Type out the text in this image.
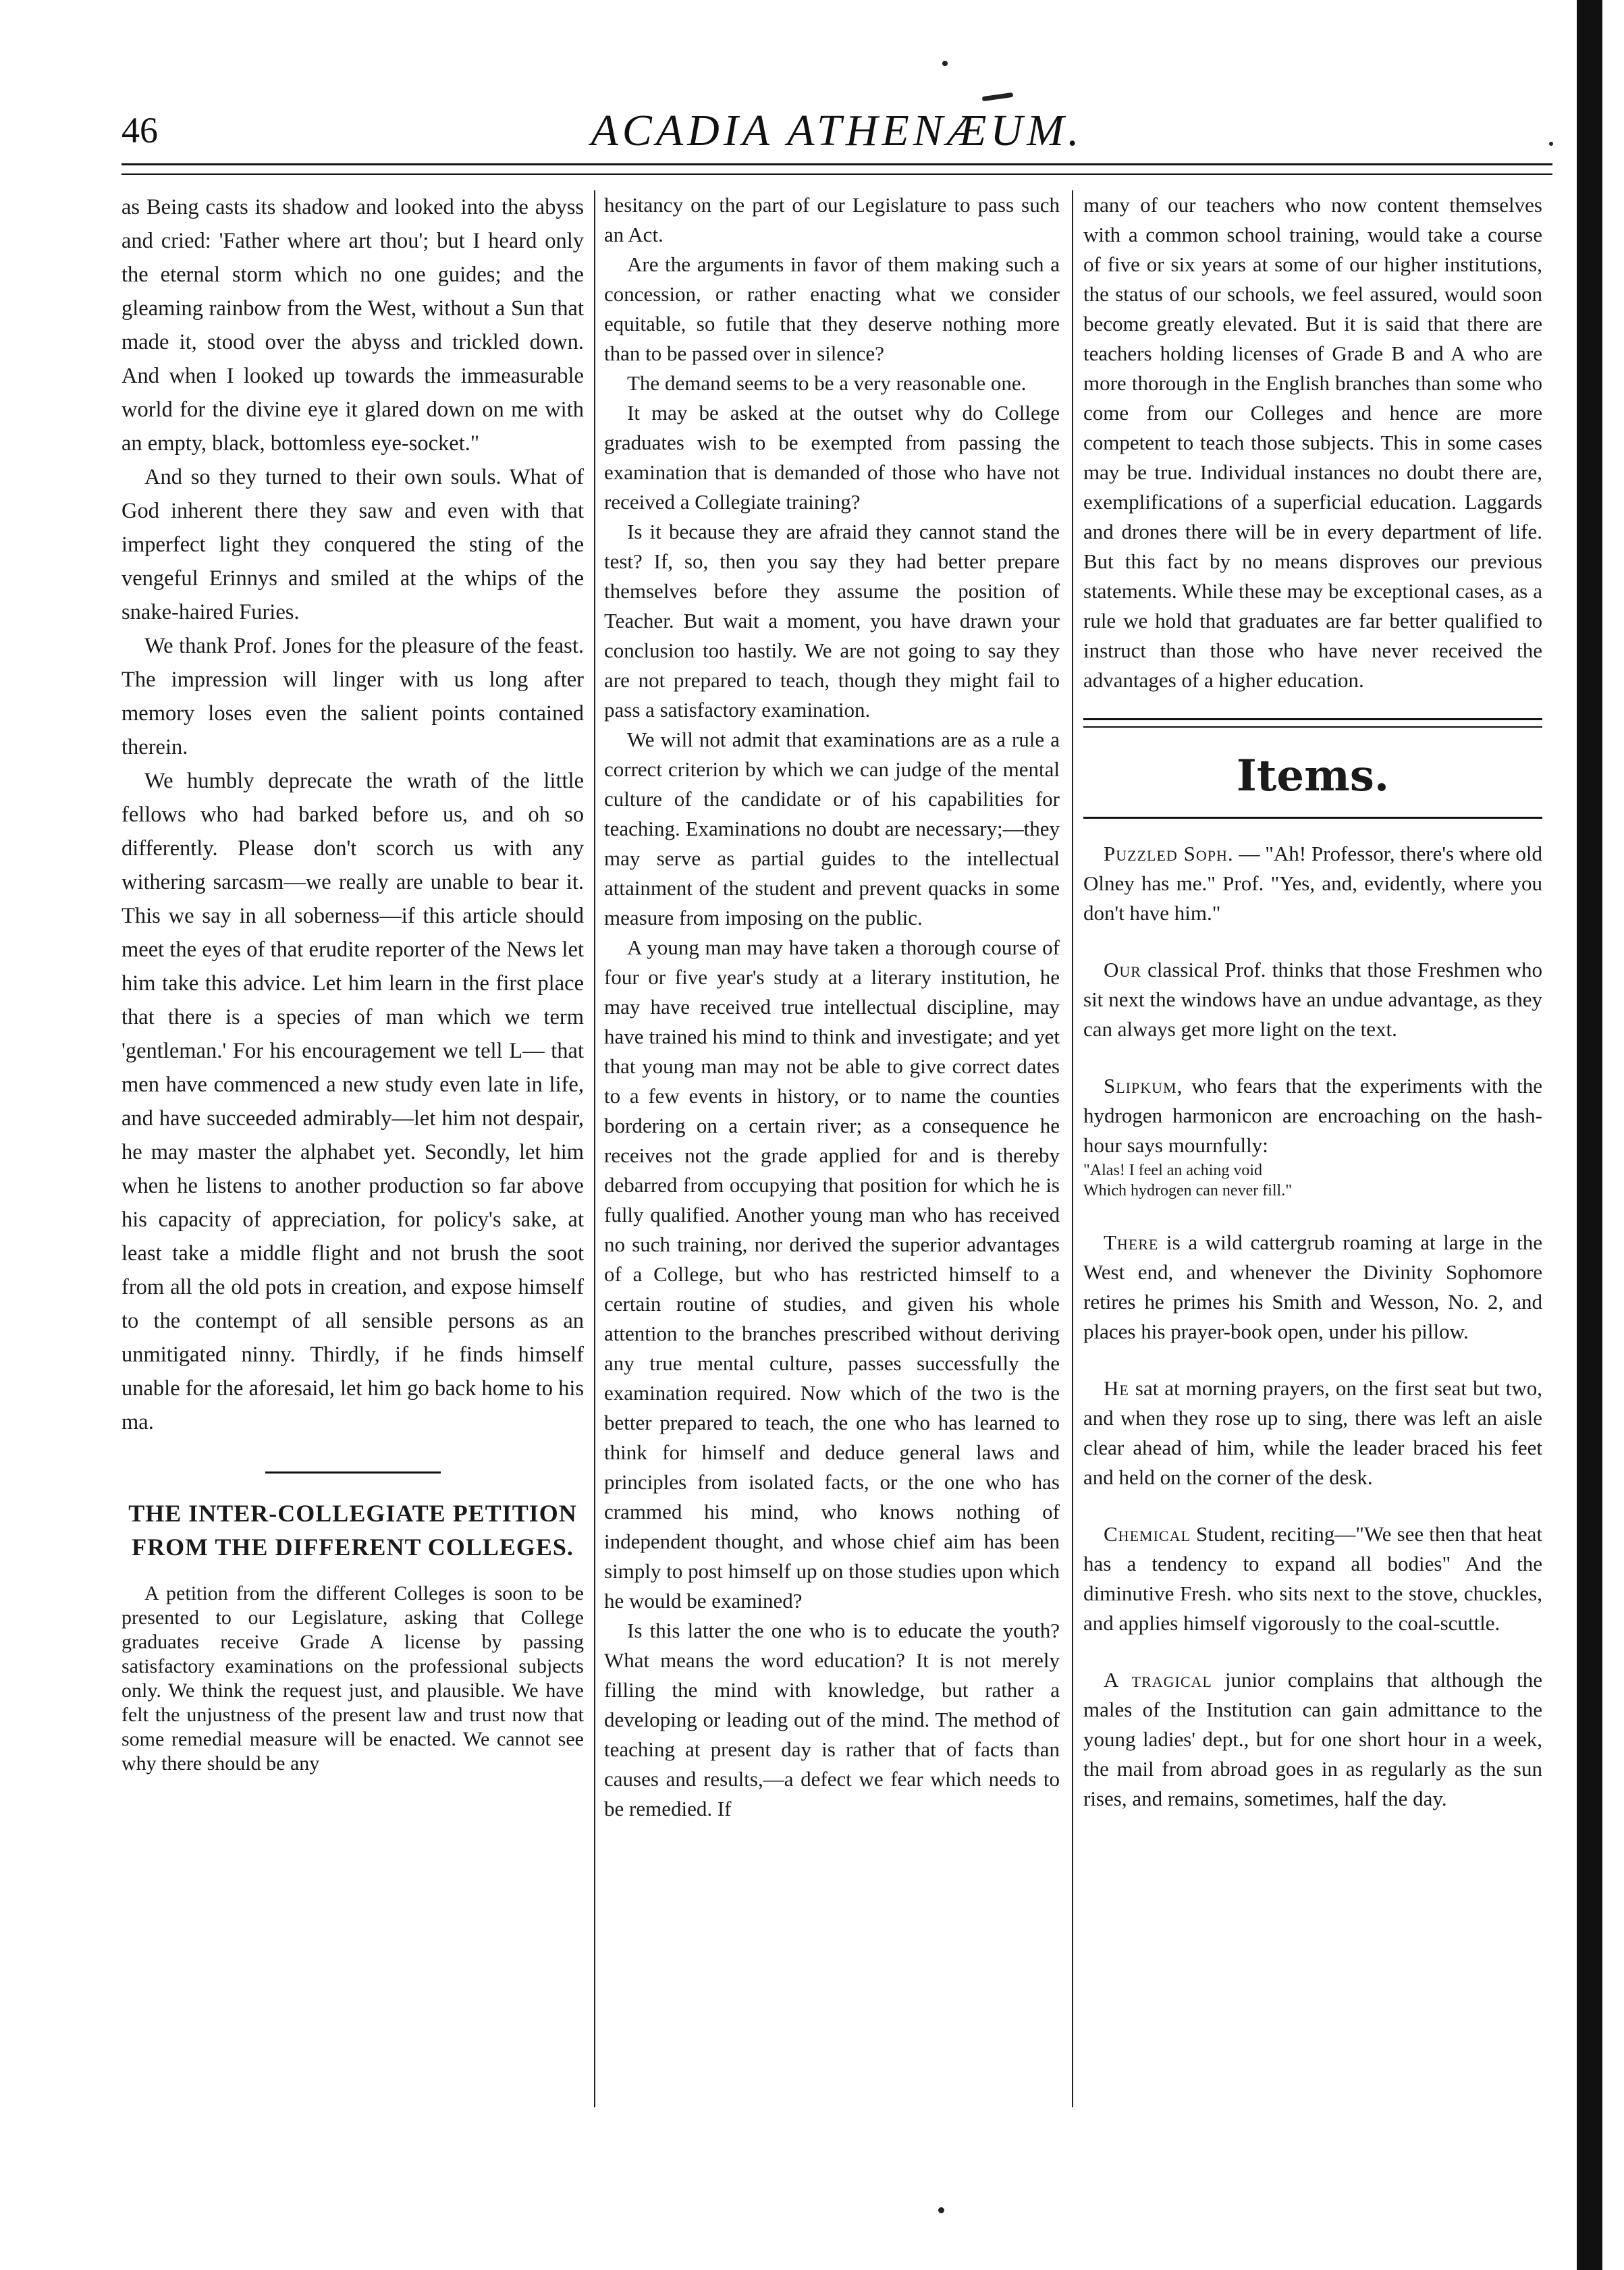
46	ACADIA ATHENÆUM.

as Being casts its shadow and looked into the abyss and cried: 'Father where art thou'; but I heard only the eternal storm which no one guides; and the gleaming rainbow from the West, without a Sun that made it, stood over the abyss and trickled down. And when I looked up towards the immeasurable world for the divine eye it glared down on me with an empty, black, bottomless eye-socket."

And so they turned to their own souls. What of God inherent there they saw and even with that imperfect light they conquered the sting of the vengeful Erinnys and smiled at the whips of the snake-haired Furies.

We thank Prof. Jones for the pleasure of the feast. The impression will linger with us long after memory loses even the salient points contained therein.

We humbly deprecate the wrath of the little fellows who had barked before us, and oh so differently. Please don't scorch us with any withering sarcasm—we really are unable to bear it. This we say in all soberness—if this article should meet the eyes of that erudite reporter of the News let him take this advice. Let him learn in the first place that there is a species of man which we term 'gentleman.' For his encouragement we tell L— that men have commenced a new study even late in life, and have succeeded admirably—let him not despair, he may master the alphabet yet. Secondly, let him when he listens to another production so far above his capacity of appreciation, for policy's sake, at least take a middle flight and not brush the soot from all the old pots in creation, and expose himself to the contempt of all sensible persons as an unmitigated ninny. Thirdly, if he finds himself unable for the aforesaid, let him go back home to his ma.

THE INTER-COLLEGIATE PETITION FROM THE DIFFERENT COLLEGES.

A petition from the different Colleges is soon to be presented to our Legislature, asking that College graduates receive Grade A license by passing satisfactory examinations on the professional subjects only. We think the request just, and plausible. We have felt the unjustness of the present law and trust now that some remedial measure will be enacted. We cannot see why there should be any

hesitancy on the part of our Legislature to pass such an Act.

Are the arguments in favor of them making such a concession, or rather enacting what we consider equitable, so futile that they deserve nothing more than to be passed over in silence?

The demand seems to be a very reasonable one.

It may be asked at the outset why do College graduates wish to be exempted from passing the examination that is demanded of those who have not received a Collegiate training?

Is it because they are afraid they cannot stand the test? If, so, then you say they had better prepare themselves before they assume the position of Teacher. But wait a moment, you have drawn your conclusion too hastily. We are not going to say they are not prepared to teach, though they might fail to pass a satisfactory examination.

We will not admit that examinations are as a rule a correct criterion by which we can judge of the mental culture of the candidate or of his capabilities for teaching. Examinations no doubt are necessary;—they may serve as partial guides to the intellectual attainment of the student and prevent quacks in some measure from imposing on the public.

A young man may have taken a thorough course of four or five year's study at a literary institution, he may have received true intellectual discipline, may have trained his mind to think and investigate; and yet that young man may not be able to give correct dates to a few events in history, or to name the counties bordering on a certain river; as a consequence he receives not the grade applied for and is thereby debarred from occupying that position for which he is fully qualified. Another young man who has received no such training, nor derived the superior advantages of a College, but who has restricted himself to a certain routine of studies, and given his whole attention to the branches prescribed without deriving any true mental culture, passes successfully the examination required. Now which of the two is the better prepared to teach, the one who has learned to think for himself and deduce general laws and principles from isolated facts, or the one who has crammed his mind, who knows nothing of independent thought, and whose chief aim has been simply to post himself up on those studies upon which he would be examined?

Is this latter the one who is to educate the youth? What means the word education? It is not merely filling the mind with knowledge, but rather a developing or leading out of the mind. The method of teaching at present day is rather that of facts than causes and results,—a defect we fear which needs to be remedied. If

many of our teachers who now content themselves with a common school training, would take a course of five or six years at some of our higher institutions, the status of our schools, we feel assured, would soon become greatly elevated. But it is said that there are teachers holding licenses of Grade B and A who are more thorough in the English branches than some who come from our Colleges and hence are more competent to teach those subjects. This in some cases may be true. Individual instances no doubt there are, exemplifications of a superficial education. Laggards and drones there will be in every department of life. But this fact by no means disproves our previous statements. While these may be exceptional cases, as a rule we hold that graduates are far better qualified to instruct than those who have never received the advantages of a higher education.

Items.

Puzzled Soph. — "Ah! Professor, there's where old Olney has me." Prof. "Yes, and, evidently, where you don't have him."

Our classical Prof. thinks that those Freshmen who sit next the windows have an undue advantage, as they can always get more light on the text.

Slipkum, who fears that the experiments with the hydrogen harmonicon are encroaching on the hash-hour says mournfully:

"Alas! I feel an aching void

Which hydrogen can never fill."

There is a wild cattergrub roaming at large in the West end, and whenever the Divinity Sophomore retires he primes his Smith and Wesson, No. 2, and places his prayer-book open, under his pillow.

He sat at morning prayers, on the first seat but two, and when they rose up to sing, there was left an aisle clear ahead of him, while the leader braced his feet and held on the corner of the desk.

Chemical Student, reciting—"We see then that heat has a tendency to expand all bodies" And the diminutive Fresh. who sits next to the stove, chuckles, and applies himself vigorously to the coal-scuttle.

A tragical junior complains that although the males of the Institution can gain admittance to the young ladies' dept., but for one short hour in a week, the mail from abroad goes in as regularly as the sun rises, and remains, sometimes, half the day.
